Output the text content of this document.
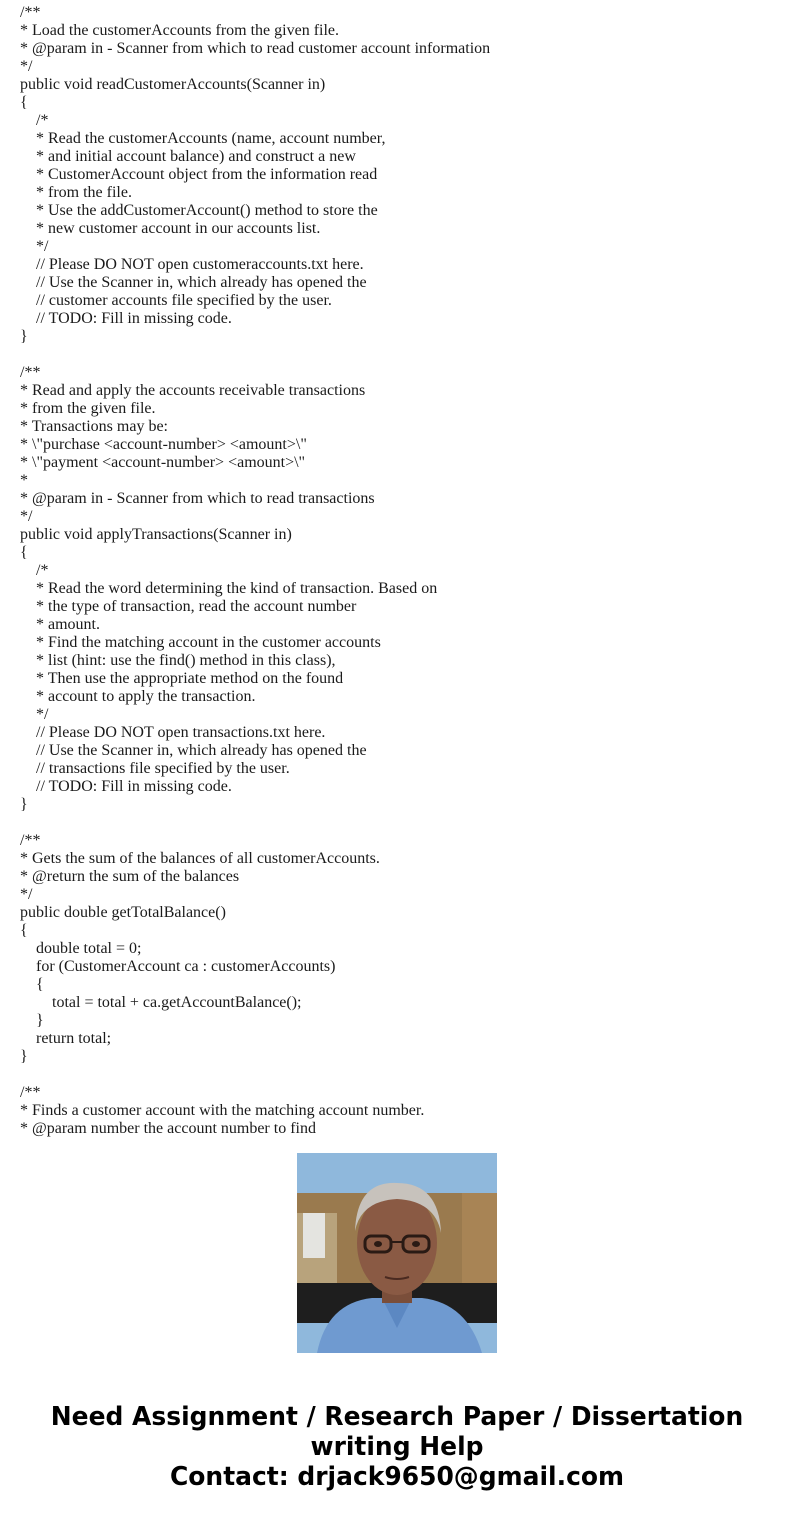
/**
* Load the customerAccounts from the given file.
* @param in - Scanner from which to read customer account information
*/
public void readCustomerAccounts(Scanner in)
{
/*
* Read the customerAccounts (name, account number,
* and initial account balance) and construct a new
* CustomerAccount object from the information read
* from the file.
* Use the addCustomerAccount() method to store the
* new customer account in our accounts list.
*/
// Please DO NOT open customeraccounts.txt here.
// Use the Scanner in, which already has opened the
// customer accounts file specified by the user.
// TODO: Fill in missing code.
}

/**
* Read and apply the accounts receivable transactions
* from the given file.
* Transactions may be:
* \"purchase <account-number> <amount>\"
* \"payment <account-number> <amount>\"
*
* @param in - Scanner from which to read transactions
*/
public void applyTransactions(Scanner in)
{
/*
* Read the word determining the kind of transaction. Based on
* the type of transaction, read the account number
* amount.
* Find the matching account in the customer accounts
* list (hint: use the find() method in this class),
* Then use the appropriate method on the found
* account to apply the transaction.
*/
// Please DO NOT open transactions.txt here.
// Use the Scanner in, which already has opened the
// transactions file specified by the user.
// TODO: Fill in missing code.
}

/**
* Gets the sum of the balances of all customerAccounts.
* @return the sum of the balances
*/
public double getTotalBalance()
{
double total = 0;
for (CustomerAccount ca : customerAccounts)
{
total = total + ca.getAccountBalance();
}
return total;
}

/**
* Finds a customer account with the matching account number.
* @param number the account number to find
Need Assignment / Research Paper / Dissertation
writing Help
Contact: drjack9650@gmail.com
